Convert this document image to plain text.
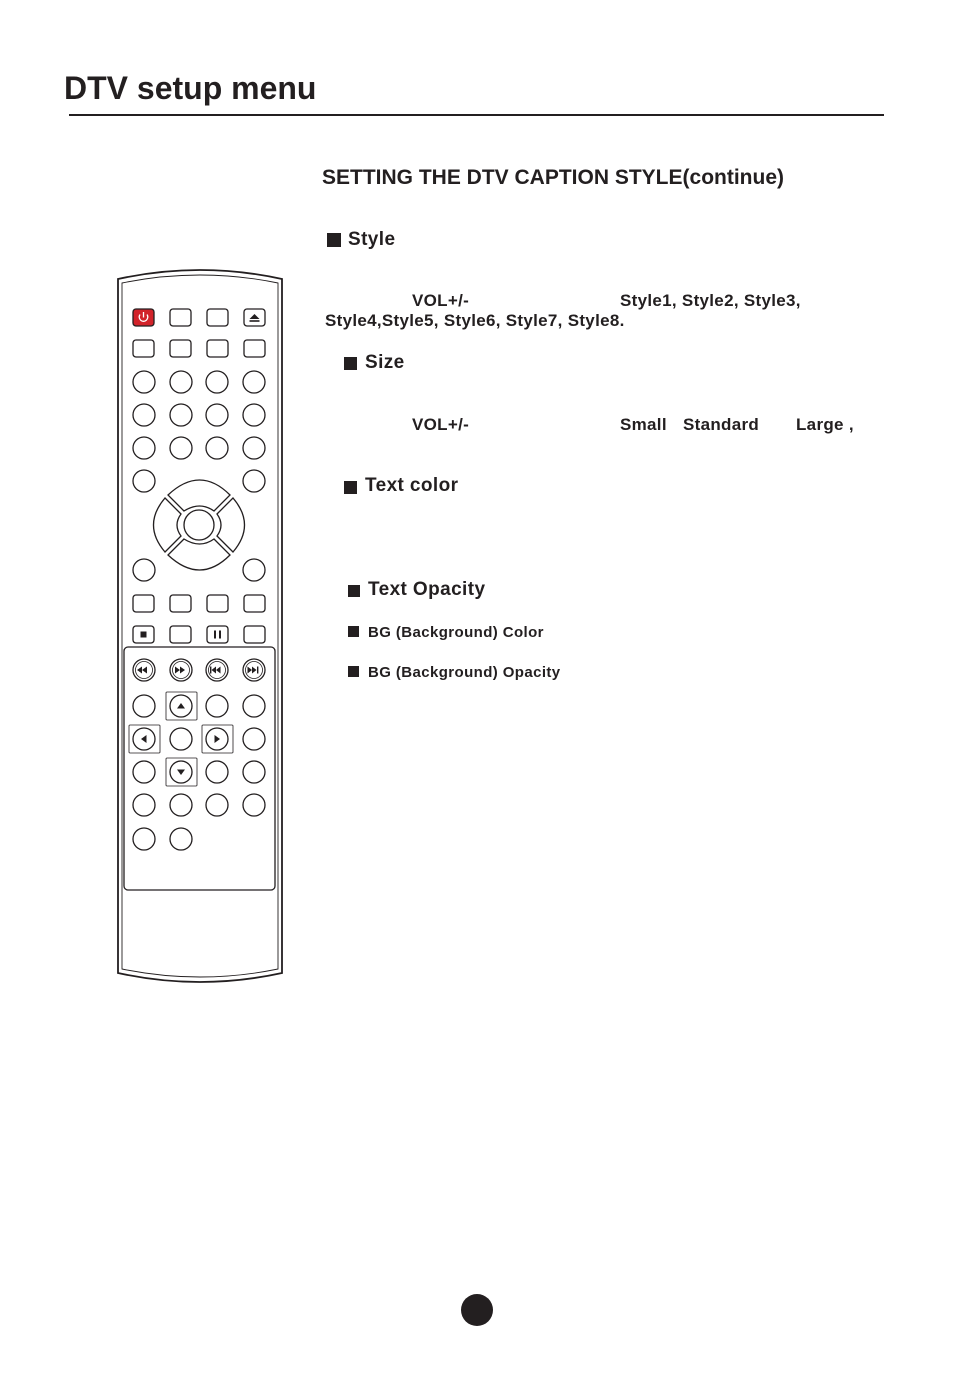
DTV setup menu
SETTING THE DTV CAPTION STYLE(continue)
Style
VOL+/-	Style1, Style2, Style3,
Style4,Style5, Style6, Style7, Style8.
Size
VOL+/-	Small Standard Large ,
Text color
Text Opacity
BG (Background) Color
BG (Background) Opacity
